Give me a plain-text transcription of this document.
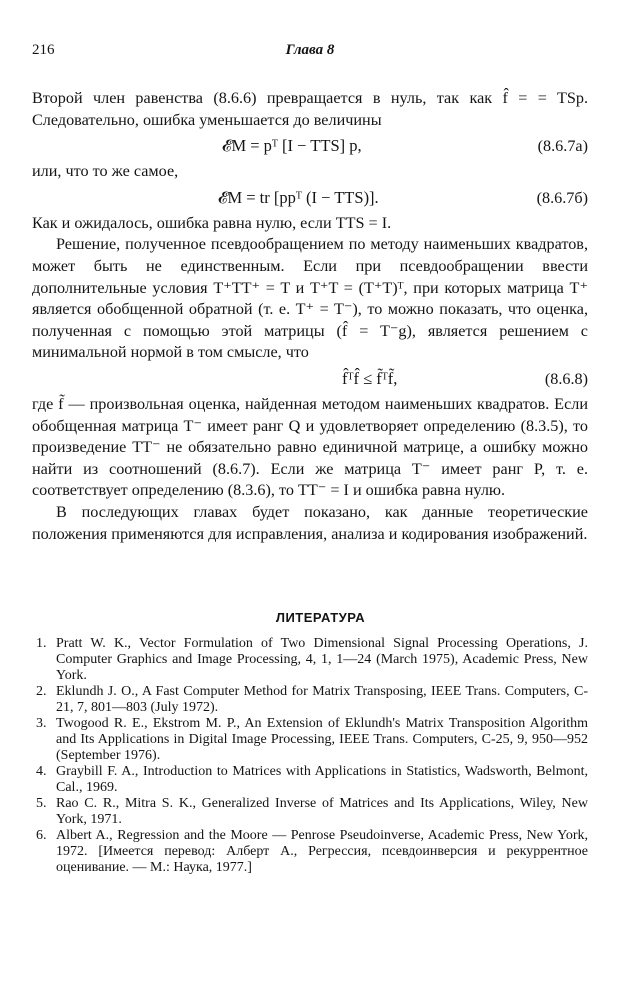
216	Глава 8

Второй член равенства (8.6.6) превращается в нуль, так как f̂ = = TSp. Следовательно, ошибка уменьшается до величины

𝓔M = pᵀ [I − TTS] p,	(8.6.7а)

или, что то же самое,

𝓔M = tr [ppᵀ (I − TTS)].	(8.6.7б)

Как и ожидалось, ошибка равна нулю, если TTS = I.

Решение, полученное псевдообращением по методу наименьших квадратов, может быть не единственным. Если при псевдообращении ввести дополнительные условия T⁺TT⁺ = T и T⁺T = (T⁺T)ᵀ, при которых матрица T⁺ является обобщенной обратной (т. е. T⁺ = T⁻), то можно показать, что оценка, полученная с помощью этой матрицы (f̂ = T⁻g), является решением с минимальной нормой в том смысле, что

f̂ᵀf̂ ≤ f̃ᵀf̃,	(8.6.8)

где f̃ — произвольная оценка, найденная методом наименьших квадратов. Если обобщенная матрица T⁻ имеет ранг Q и удовлетворяет определению (8.3.5), то произведение TT⁻ не обязательно равно единичной матрице, а ошибку можно найти из соотношений (8.6.7). Если же матрица T⁻ имеет ранг P, т. е. соответствует определению (8.3.6), то TT⁻ = I и ошибка равна нулю.

В последующих главах будет показано, как данные теоретические положения применяются для исправления, анализа и кодирования изображений.

ЛИТЕРАТУРА
1. Pratt W. K., Vector Formulation of Two Dimensional Signal Processing Operations, J. Computer Graphics and Image Processing, 4, 1, 1—24 (March 1975), Academic Press, New York.
2. Eklundh J. O., A Fast Computer Method for Matrix Transposing, IEEE Trans. Computers, C-21, 7, 801—803 (July 1972).
3. Twogood R. E., Ekstrom M. P., An Extension of Eklundh's Matrix Transposition Algorithm and Its Applications in Digital Image Processing, IEEE Trans. Computers, C-25, 9, 950—952 (September 1976).
4. Graybill F. A., Introduction to Matrices with Applications in Statistics, Wadsworth, Belmont, Cal., 1969.
5. Rao C. R., Mitra S. K., Generalized Inverse of Matrices and Its Applications, Wiley, New York, 1971.
6. Albert A., Regression and the Moore — Penrose Pseudoinverse, Academic Press, New York, 1972. [Имеется перевод: Алберт А., Регрессия, псевдоинверсия и рекуррентное оценивание. — М.: Наука, 1977.]
